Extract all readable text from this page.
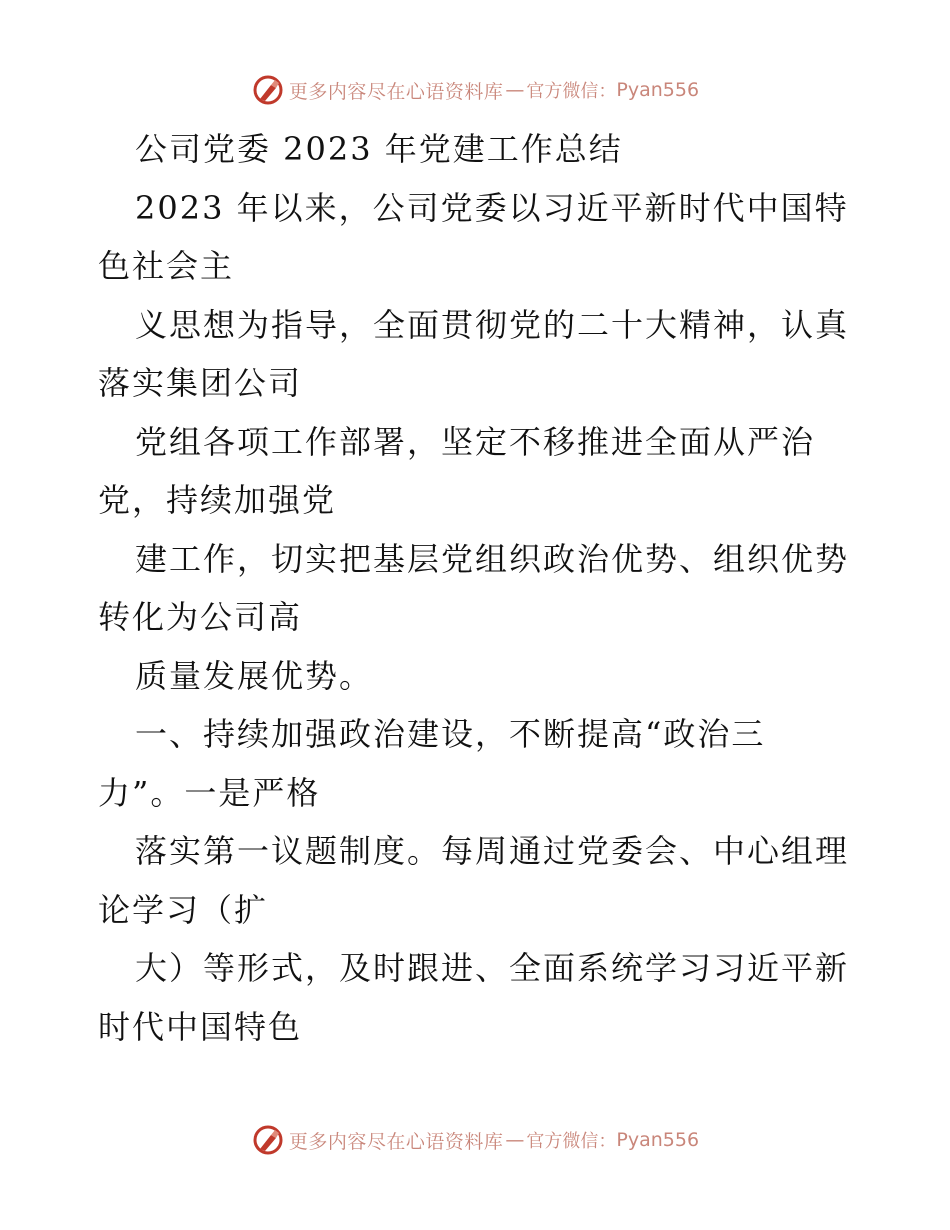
更多内容尽在心语资料库 — 官方微信： Pyan556
公司党委 2023 年党建工作总结
2023 年以来，公司党委以习近平新时代中国特
色社会主
义思想为指导，全面贯彻党的二十大精神，认真
落实集团公司
党组各项工作部署，坚定不移推进全面从严治
党，持续加强党
建工作，切实把基层党组织政治优势、组织优势
转化为公司高
质量发展优势。
一、持续加强政治建设，不断提高“政治三
力”。一是严格
落实第一议题制度。每周通过党委会、中心组理
论学习（扩
大）等形式，及时跟进、全面系统学习习近平新
时代中国特色
更多内容尽在心语资料库 — 官方微信： Pyan556
